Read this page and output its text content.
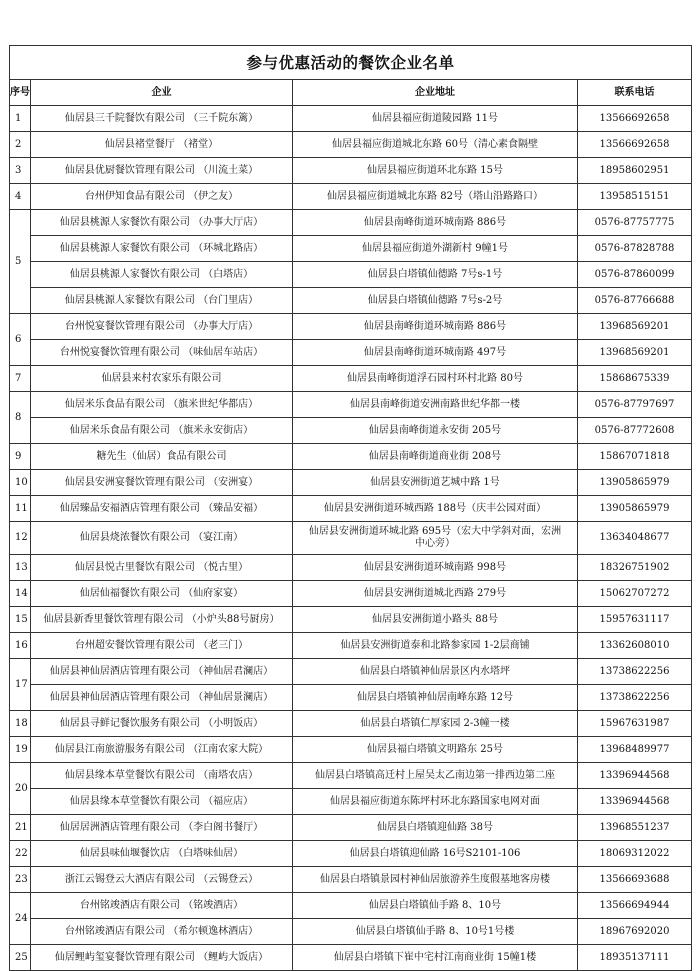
参与优惠活动的餐饮企业名单			
序号	企业	企业地址	联系电话
1	仙居县三千院餐饮有限公司 （三千院东篱）	仙居县福应街道陵园路 11号	13566692658
2	仙居县褚堂餐厅 （褚堂）	仙居县福应街道城北东路 60号（清心素食隔壁	13566692658
3	仙居县优厨餐饮管理有限公司 （川流土菜）	仙居县福应街道环北东路 15号	18958602951
4	台州伊知食品有限公司 （伊之友）	仙居县福应街道城北东路 82号（塔山沿路路口）	13958515151
5	仙居县桃源人家餐饮有限公司 （办事大厅店）	仙居县南峰街道环城南路 886号	0576-87757775
	仙居县桃源人家餐饮有限公司 （环城北路店）	仙居县福应街道外湖新村 9幢1号	0576-87828788
	仙居县桃源人家餐饮有限公司 （白塔店）	仙居县白塔镇仙德路 7号s-1号	0576-87860099
	仙居县桃源人家餐饮有限公司 （台门里店）	仙居县白塔镇仙德路 7号s-2号	0576-87766688
6	台州悦宴餐饮管理有限公司 （办事大厅店）	仙居县南峰街道环城南路 886号	13968569201
	台州悦宴餐饮管理有限公司 （味仙居车站店）	仙居县南峰街道环城南路 497号	13968569201
7	仙居县来村农家乐有限公司	仙居县南峰街道浮石园村环村北路 80号	15868675339
8	仙居米乐食品有限公司 （旗米世纪华都店）	仙居县南峰街道安洲南路世纪华都一楼	0576-87797697
	仙居米乐食品有限公司 （旗米永安街店）	仙居县南峰街道永安街 205号	0576-87772608
9	糖先生（仙居）食品有限公司	仙居县南峰街道商业街 208号	15867071818
10	仙居县安洲宴餐饮管理有限公司 （安洲宴）	仙居县安洲街道艺城中路 1号	13905865979
11	仙居臻品安福酒店管理有限公司 （臻品安福）	仙居县安洲街道环城西路 188号（庆丰公园对面）	13905865979
12	仙居县烧浓餐饮有限公司 （宴江南）	仙居县安洲街道环城北路 695号（宏大中学斜对面，宏洲中心旁）	13634048677
13	仙居县悦古里餐饮有限公司 （悦古里）	仙居县安洲街道环城南路 998号	18326751902
14	仙居仙福餐饮有限公司 （仙府家宴）	仙居县安洲街道城北西路 279号	15062707272
15	仙居县新香里餐饮管理有限公司 （小炉头88号厨房）	仙居县安洲街道小路头 88号	15957631117
16	台州超安餐饮管理有限公司 （老三门）	仙居县安洲街道泰和北路参家园 1-2层商铺	13362608010
17	仙居县神仙居酒店管理有限公司 （神仙居君澜店）	仙居县白塔镇神仙居景区内水塔坪	13738622256
	仙居县神仙居酒店管理有限公司 （神仙居景澜店）	仙居县白塔镇神仙居南峰东路 12号	13738622256
18	仙居县寻鲜记餐饮服务有限公司 （小明饭店）	仙居县白塔镇仁厚家园 2-3幢一楼	15967631987
19	仙居县江南旅游服务有限公司 （江南农家大院）	仙居县福白塔镇文明路东 25号	13968489977
20	仙居县缘本草堂餐饮有限公司 （南塔农店）	仙居县白塔镇高迁村上屋吴太乙南边第一排西边第二座	13396944568
	仙居县缘本草堂餐饮有限公司 （福应店）	仙居县福应街道东陈坪村环北东路国家电网对面	13396944568
21	仙居居洲酒店管理有限公司 （李白阁书餐厅）	仙居县白塔镇迎仙路 38号	13968551237
22	仙居县味仙堰餐饮店 （白塔味仙居）	仙居县白塔镇迎仙路 16号S2101-106	18069312022
23	浙江云锡登云大酒店有限公司 （云锡登云）	仙居县白塔镇景园村神仙居旅游养生度假基地客房楼	13566693688
24	台州铭竣酒店有限公司 （铭竣酒店）	仙居县白塔镇仙手路 8、10号	13566694944
	台州铭竣酒店有限公司 （希尔顿逸林酒店）	仙居县白塔镇仙手路 8、10号1号楼	18967692020
25	仙居鲤屿玺宴餐饮管理有限公司 （鲤屿大饭店）	仙居县白塔镇下崔中宅村江南商业街 15幢1楼	18935137111
